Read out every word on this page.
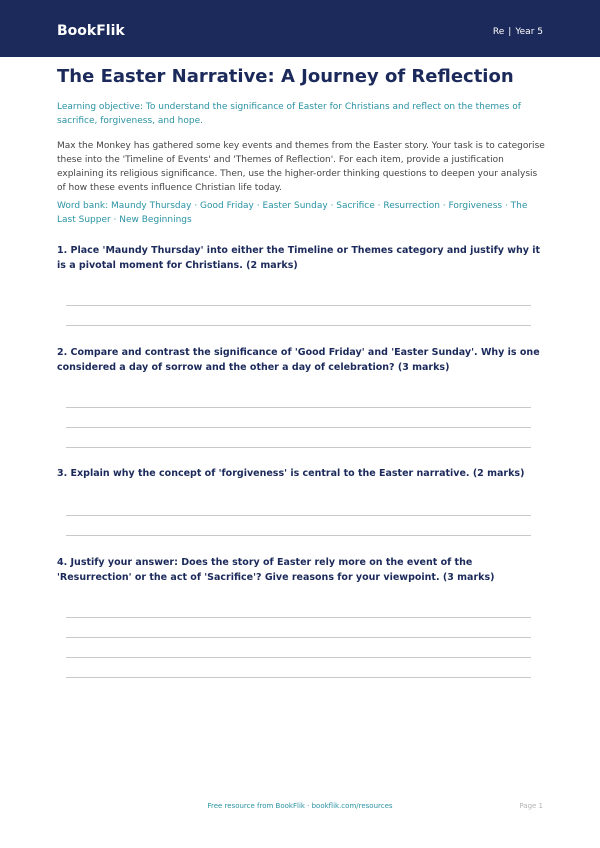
BookFlik	Re | Year 5
The Easter Narrative: A Journey of Reflection
Learning objective: To understand the significance of Easter for Christians and reflect on the themes of sacrifice, forgiveness, and hope.
Max the Monkey has gathered some key events and themes from the Easter story. Your task is to categorise these into the 'Timeline of Events' and 'Themes of Reflection'. For each item, provide a justification explaining its religious significance. Then, use the higher-order thinking questions to deepen your analysis of how these events influence Christian life today.
Word bank: Maundy Thursday · Good Friday · Easter Sunday · Sacrifice · Resurrection · Forgiveness · The Last Supper · New Beginnings
1. Place 'Maundy Thursday' into either the Timeline or Themes category and justify why it is a pivotal moment for Christians. (2 marks)
2. Compare and contrast the significance of 'Good Friday' and 'Easter Sunday'. Why is one considered a day of sorrow and the other a day of celebration? (3 marks)
3. Explain why the concept of 'forgiveness' is central to the Easter narrative. (2 marks)
4. Justify your answer: Does the story of Easter rely more on the event of the 'Resurrection' or the act of 'Sacrifice'? Give reasons for your viewpoint. (3 marks)
Free resource from BookFlik · bookflik.com/resources	Page 1
